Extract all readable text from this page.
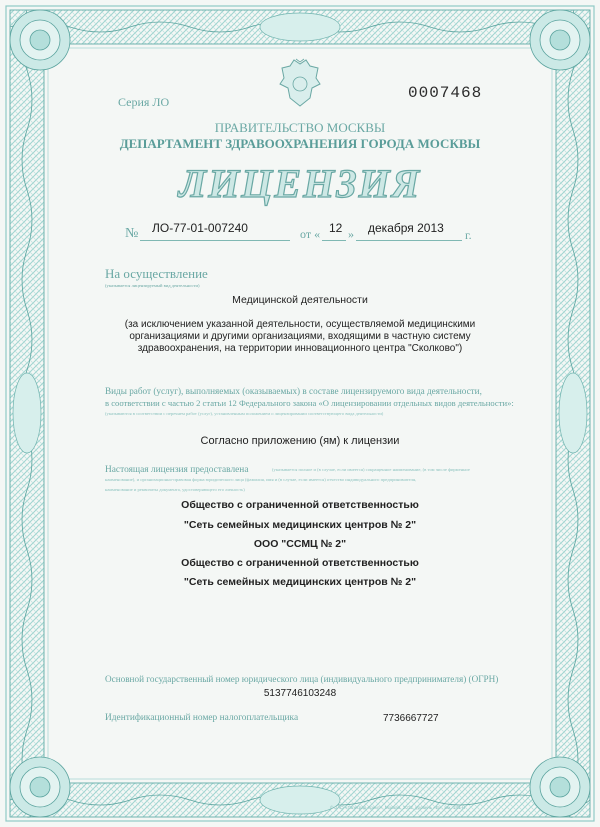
Серия ЛО	0007468
ПРАВИТЕЛЬСТВО МОСКВЫ
ДЕПАРТАМЕНТ ЗДРАВООХРАНЕНИЯ ГОРОДА МОСКВЫ
ЛИЦЕНЗИЯ
№ ЛО-77-01-007240	от « 12 » декабря 2013 г.
На осуществление
(указывается лицензируемый вид деятельности)
Медицинской деятельности
(за исключением указанной деятельности, осуществляемой медицинскими организациями и другими организациями, входящими в частную систему здравоохранения, на территории инновационного центра "Сколково")
Виды работ (услуг), выполняемых (оказываемых) в составе лицензируемого вида деятельности,
в соответствии с частью 2 статьи 12 Федерального закона «О лицензировании отдельных видов деятельности»:
(указываются в соответствии с перечнем работ (услуг), установленным положением о лицензировании соответствующего вида деятельности)
Согласно приложению (ям) к лицензии
Настоящая лицензия предоставлена	(указывается полное и (в случае, если имеется) сокращенное наименование, (в том числе фирменное
наименование), и организационно-правовая форма юридического лица (фамилия, имя и (в случае, если имеется) отчество индивидуального предпринимателя,
наименование и реквизиты документа, удостоверяющего его личность)
Общество с ограниченной ответственностью
"Сеть семейных медицинских центров № 2"
ООО "ССМЦ № 2"
Общество с ограниченной ответственностью
"Сеть семейных медицинских центров № 2"
Основной государственный номер юридического лица (индивидуального предпринимателя) (ОГРН)
5137746103248
Идентификационный номер налогоплательщика	7736667727
© ЗАО «Голеград-принт», Москва, 2012, уровень «В», зак. 181-Н
